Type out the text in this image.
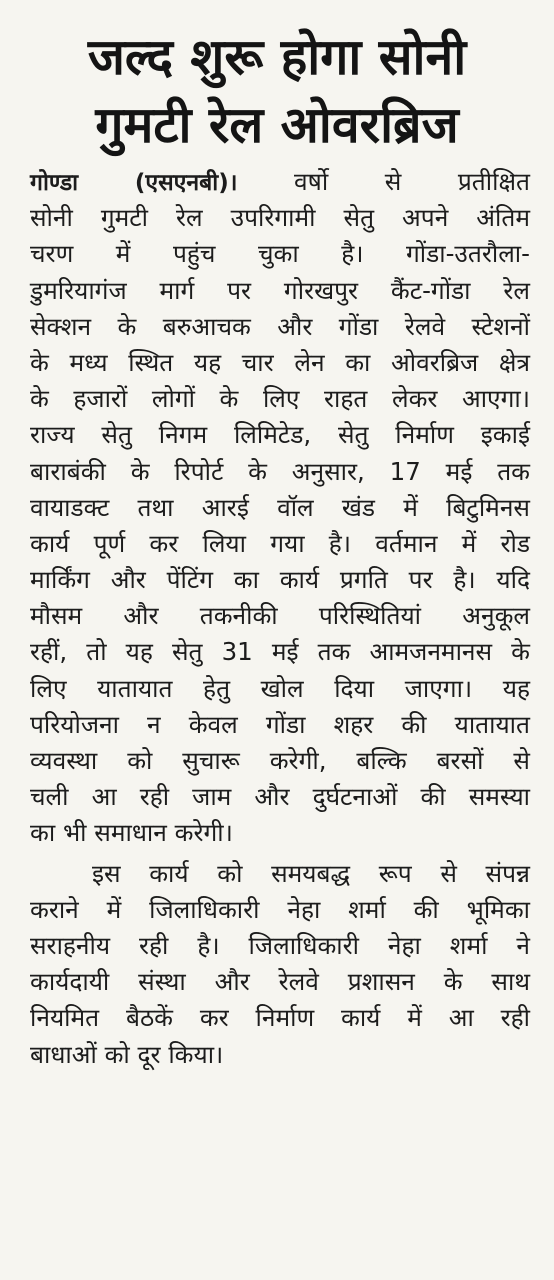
जल्द शुरू होगा सोनी
गुमटी रेल ओवरब्रिज
गोण्डा (एसएनबी)। वर्षो से प्रतीक्षित
सोनी गुमटी रेल उपरिगामी सेतु अपने अंतिम
चरण में पहुंच चुका है। गोंडा-उतरौला-
डुमरियागंज मार्ग पर गोरखपुर कैंट-गोंडा रेल
सेक्शन के बरुआचक और गोंडा रेलवे स्टेशनों
के मध्य स्थित यह चार लेन का ओवरब्रिज क्षेत्र
के हजारों लोगों के लिए राहत लेकर आएगा।
राज्य सेतु निगम लिमिटेड, सेतु निर्माण इकाई
बाराबंकी के रिपोर्ट के अनुसार, 17 मई तक
वायाडक्ट तथा आरई वॉल खंड में बिटुमिनस
कार्य पूर्ण कर लिया गया है। वर्तमान में रोड
मार्किंग और पेंटिंग का कार्य प्रगति पर है। यदि
मौसम और तकनीकी परिस्थितियां अनुकूल
रहीं, तो यह सेतु 31 मई तक आमजनमानस के
लिए यातायात हेतु खोल दिया जाएगा। यह
परियोजना न केवल गोंडा शहर की यातायात
व्यवस्था को सुचारू करेगी, बल्कि बरसों से
चली आ रही जाम और दुर्घटनाओं की समस्या
का भी समाधान करेगी।
इस कार्य को समयबद्ध रूप से संपन्न
कराने में जिलाधिकारी नेहा शर्मा की भूमिका
सराहनीय रही है। जिलाधिकारी नेहा शर्मा ने
कार्यदायी संस्था और रेलवे प्रशासन के साथ
नियमित बैठकें कर निर्माण कार्य में आ रही
बाधाओं को दूर किया।
